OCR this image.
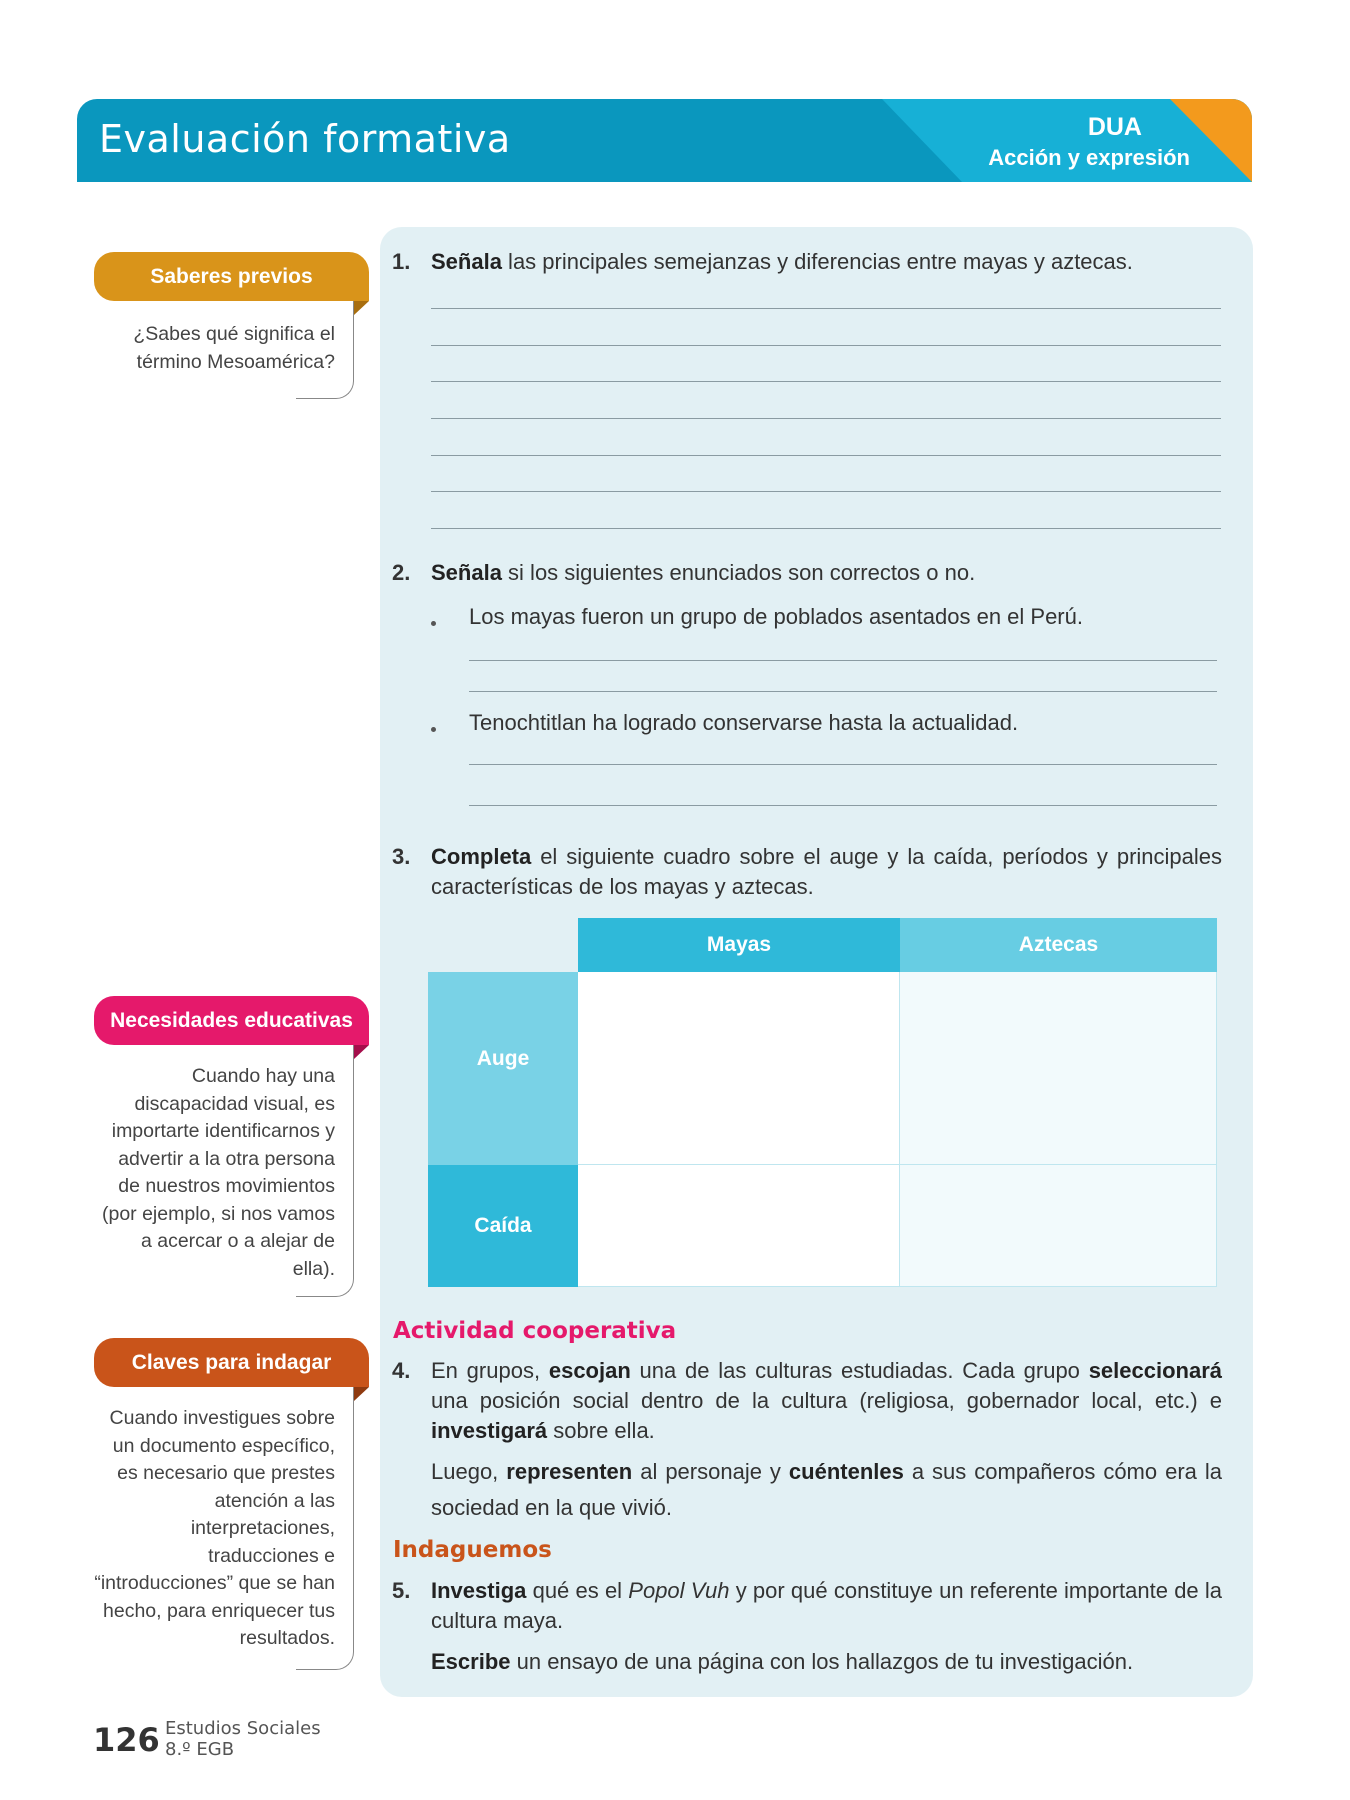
Evaluación formativa	DUA
Acción y expresión
Saberes previos
¿Sabes qué significa el término Mesoamérica?
Necesidades educativas
Cuando hay una discapacidad visual, es importarte identificarnos y advertir a la otra persona de nuestros movimientos (por ejemplo, si nos vamos a acercar o a alejar de ella).
Claves para indagar
Cuando investigues sobre un documento específico, es necesario que prestes atención a las interpretaciones, traducciones e “introducciones” que se han hecho, para enriquecer tus resultados.
1. Señala las principales semejanzas y diferencias entre mayas y aztecas.
2. Señala si los siguientes enunciados son correctos o no.
Los mayas fueron un grupo de poblados asentados en el Perú.
Tenochtitlan ha logrado conservarse hasta la actualidad.
3. Completa el siguiente cuadro sobre el auge y la caída, períodos y principales características de los mayas y aztecas.
Mayas	Aztecas
Auge
Caída
Actividad cooperativa
4. En grupos, escojan una de las culturas estudiadas. Cada grupo seleccionará una posición social dentro de la cultura (religiosa, gobernador local, etc.) e investigará sobre ella.
Luego, representen al personaje y cuéntenles a sus compañeros cómo era la sociedad en la que vivió.
Indaguemos
5. Investiga qué es el Popol Vuh y por qué constituye un referente importante de la cultura maya.
Escribe un ensayo de una página con los hallazgos de tu investigación.
126 Estudios Sociales
8.º EGB
